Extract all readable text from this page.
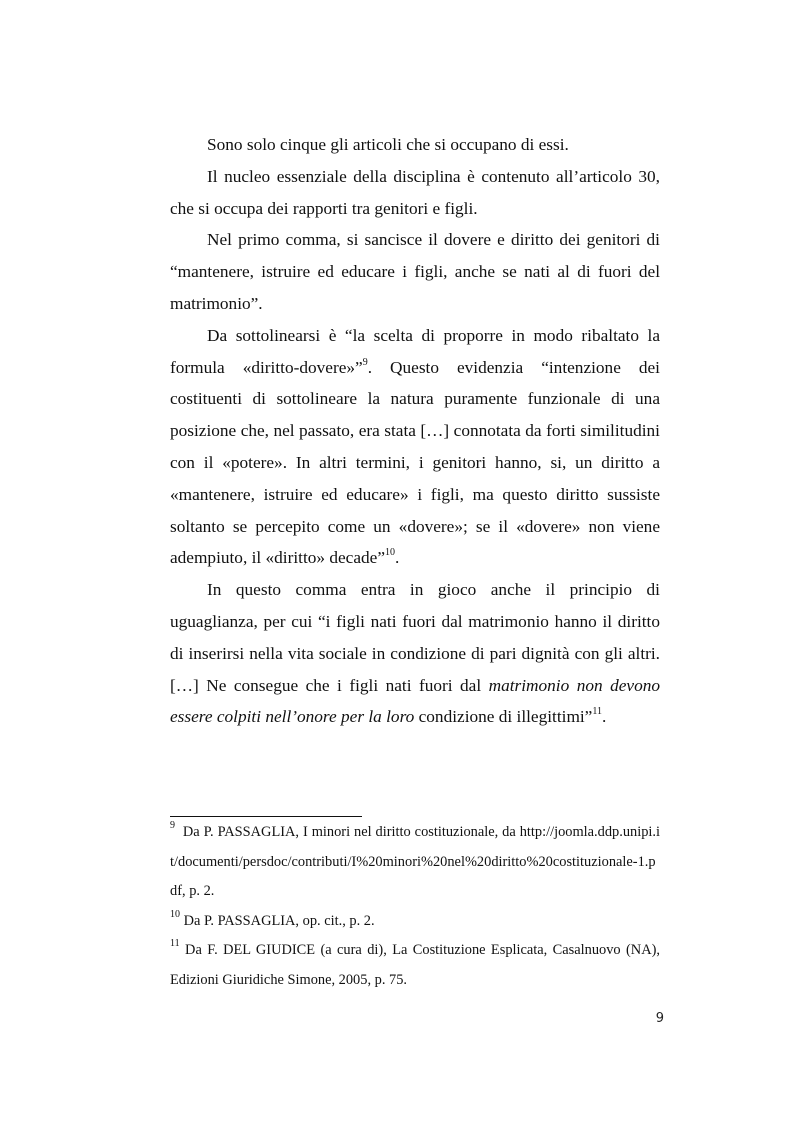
Sono solo cinque gli articoli che si occupano di essi.

Il nucleo essenziale della disciplina è contenuto all’articolo 30, che si occupa dei rapporti tra genitori e figli.

Nel primo comma, si sancisce il dovere e diritto dei genitori di “mantenere, istruire ed educare i figli, anche se nati al di fuori del matrimonio”.

Da sottolinearsi è “la scelta di proporre in modo ribaltato la formula «diritto-dovere»”$^9$. Questo evidenzia “intenzione dei costituenti di sottolineare la natura puramente funzionale di una posizione che, nel passato, era stata […] connotata da forti similitudini con il «potere». In altri termini, i genitori hanno, si, un diritto a «mantenere, istruire ed educare» i figli, ma questo diritto sussiste soltanto se percepito come un «dovere»; se il «dovere» non viene adempiuto, il «diritto» decade”$^{10}$.

In questo comma entra in gioco anche il principio di uguaglianza, per cui “i figli nati fuori dal matrimonio hanno il diritto di inserirsi nella vita sociale in condizione di pari dignità con gli altri. […] Ne consegue che i figli nati fuori dal matrimonio non devono essere colpiti nell’onore per la loro condizione di illegittimi”$^{11}$.

$^9$ Da P. PASSAGLIA, I minori nel diritto costituzionale, da http://joomla.ddp.unipi.it/documenti/persdoc/contributi/I%20minori%20nel%20diritto%20costituzionale-1.pdf, p. 2.

$^{10}$ Da P. PASSAGLIA, op. cit., p. 2.

$^{11}$ Da F. DEL GIUDICE (a cura di), La Costituzione Esplicata, Casalnuovo (NA), Edizioni Giuridiche Simone, 2005, p. 75.

9
